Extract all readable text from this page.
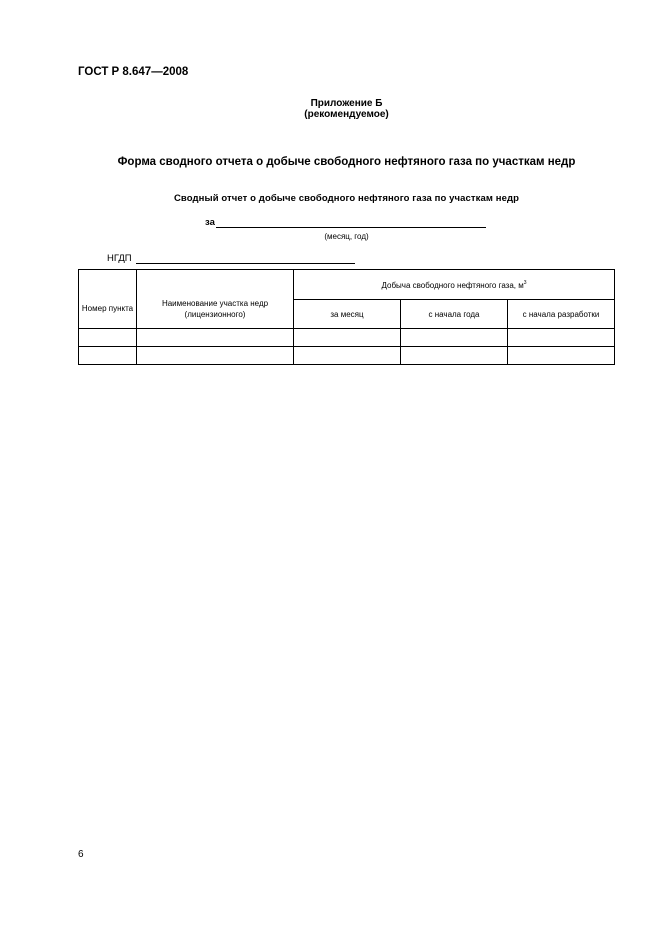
ГОСТ Р 8.647—2008
Приложение Б
(рекомендуемое)
Форма сводного отчета о добыче свободного нефтяного газа по участкам недр
Сводный отчет о добыче свободного нефтяного газа по участкам недр
за
(месяц, год)
НГДП
Номер пункта	Наименование участка недр (лицензионного)	Добыча свободного нефтяного газа, $м^3$
		за месяц	с начала года	с начала разработки

6
